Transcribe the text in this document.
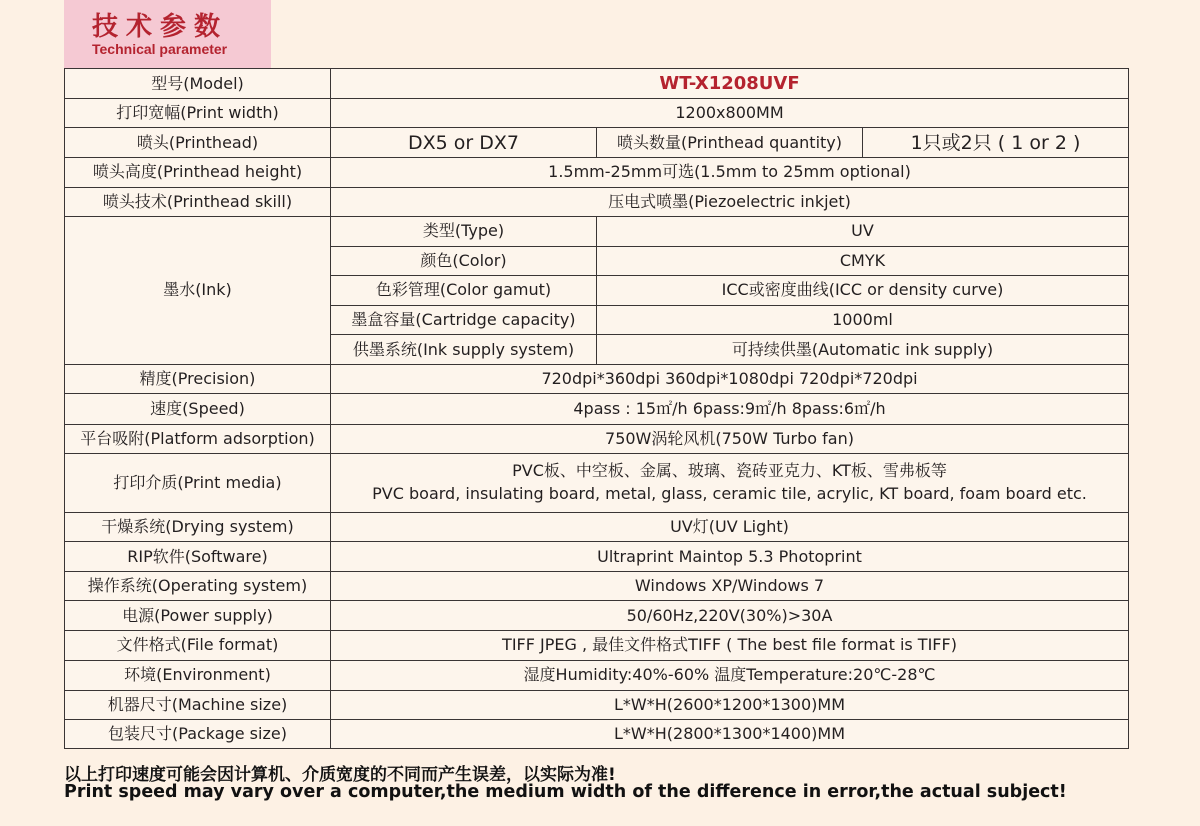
技术参数
Technical parameter
型号(Model)	WT-X1208UVF		
打印宽幅(Print width)	1200x800MM		
喷头(Printhead)	DX5 or DX7	喷头数量(Printhead quantity)	1只或2只 ( 1 or 2 )
喷头高度(Printhead height)	1.5mm-25mm可选(1.5mm to 25mm optional)		
喷头技术(Printhead skill)	压电式喷墨(Piezoelectric inkjet)		
墨水(Ink)	类型(Type)	UV	
	颜色(Color)	CMYK	
	色彩管理(Color gamut)	ICC或密度曲线(ICC or density curve)	
	墨盒容量(Cartridge capacity)	1000ml	
	供墨系统(Ink supply system)	可持续供墨(Automatic ink supply)	
精度(Precision)	720dpi*360dpi 360dpi*1080dpi 720dpi*720dpi		
速度(Speed)	4pass : 15㎡/h 6pass:9㎡/h 8pass:6㎡/h		
平台吸附(Platform adsorption)	750W涡轮风机(750W Turbo fan)		
打印介质(Print media)	PVC板、中空板、金属、玻璃、瓷砖亚克力、KT板、雪弗板等
PVC board, insulating board, metal, glass, ceramic tile, acrylic, KT board, foam board etc.		

干燥系统(Drying system)	UV灯(UV Light)		
RIP软件(Software)	Ultraprint Maintop 5.3 Photoprint		
操作系统(Operating system)	Windows XP/Windows 7		
电源(Power supply)	50/60Hz,220V(30%)>30A		
文件格式(File format)	TIFF JPEG , 最佳文件格式TIFF ( The best file format is TIFF)		
环境(Environment)	湿度Humidity:40%-60% 温度Temperature:20℃-28℃		
机器尺寸(Machine size)	L*W*H(2600*1200*1300)MM		
包装尺寸(Package size)	L*W*H(2800*1300*1400)MM		
以上打印速度可能会因计算机、介质宽度的不同而产生误差，以实际为准!
Print speed may vary over a computer,the medium width of the difference in error,the actual subject!
